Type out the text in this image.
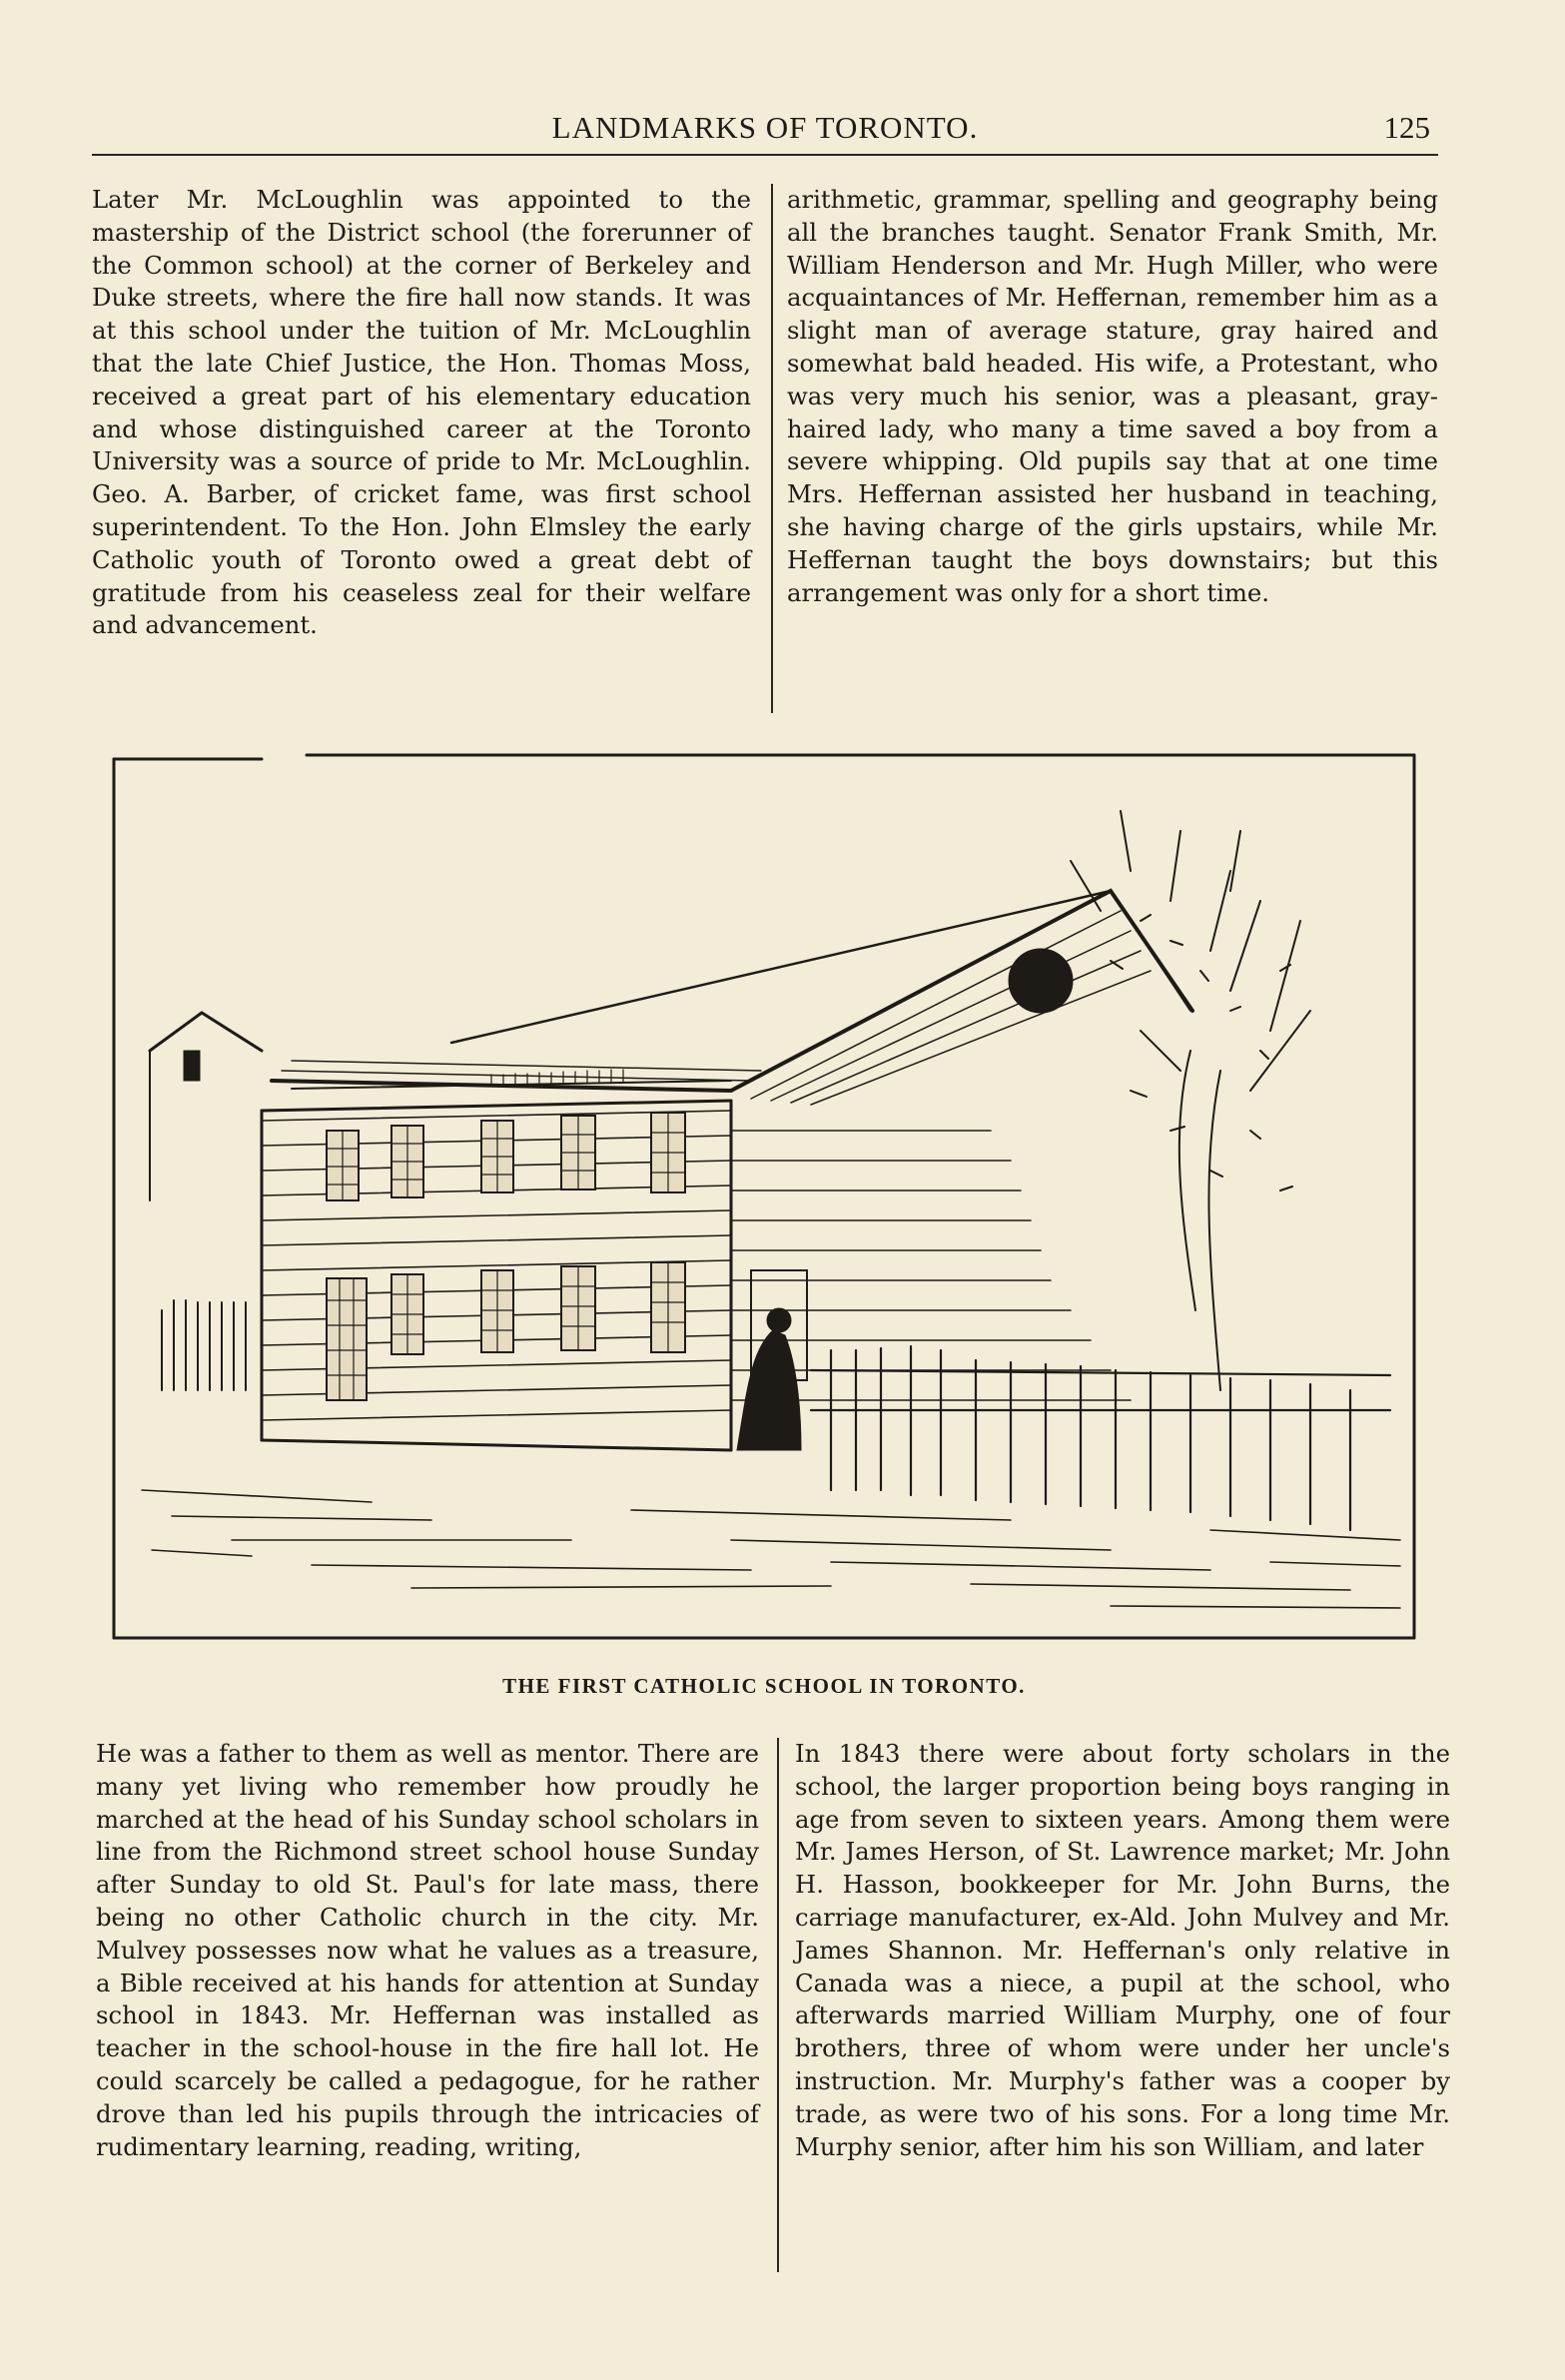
LANDMARKS OF TORONTO.	125

Later Mr. McLoughlin was appointed to the mastership of the District school (the forerunner of the Common school) at the corner of Berkeley and Duke streets, where the fire hall now stands. It was at this school under the tuition of Mr. McLoughlin that the late Chief Justice, the Hon. Thomas Moss, received a great part of his elementary education and whose distinguished career at the Toronto University was a source of pride to Mr. McLoughlin. Geo. A. Barber, of cricket fame, was first school superintendent. To the Hon. John Elmsley the early Catholic youth of Toronto owed a great debt of gratitude from his ceaseless zeal for their welfare and advancement.

arithmetic, grammar, spelling and geography being all the branches taught. Senator Frank Smith, Mr. William Henderson and Mr. Hugh Miller, who were acquaintances of Mr. Heffernan, remember him as a slight man of average stature, gray haired and somewhat bald headed. His wife, a Protestant, who was very much his senior, was a pleasant, gray-haired lady, who many a time saved a boy from a severe whipping. Old pupils say that at one time Mrs. Heffernan assisted her husband in teaching, she having charge of the girls upstairs, while Mr. Heffernan taught the boys downstairs; but this arrangement was only for a short time.

THE FIRST CATHOLIC SCHOOL IN TORONTO.

He was a father to them as well as mentor. There are many yet living who remember how proudly he marched at the head of his Sunday school scholars in line from the Richmond street school house Sunday after Sunday to old St. Paul's for late mass, there being no other Catholic church in the city. Mr. Mulvey possesses now what he values as a treasure, a Bible received at his hands for attention at Sunday school in 1843. Mr. Heffernan was installed as teacher in the school-house in the fire hall lot. He could scarcely be called a pedagogue, for he rather drove than led his pupils through the intricacies of rudimentary learning, reading, writing,

In 1843 there were about forty scholars in the school, the larger proportion being boys ranging in age from seven to sixteen years. Among them were Mr. James Herson, of St. Lawrence market; Mr. John H. Hasson, bookkeeper for Mr. John Burns, the carriage manufacturer, ex-Ald. John Mulvey and Mr. James Shannon. Mr. Heffernan's only relative in Canada was a niece, a pupil at the school, who afterwards married William Murphy, one of four brothers, three of whom were under her uncle's instruction. Mr. Murphy's father was a cooper by trade, as were two of his sons. For a long time Mr. Murphy senior, after him his son William, and later
